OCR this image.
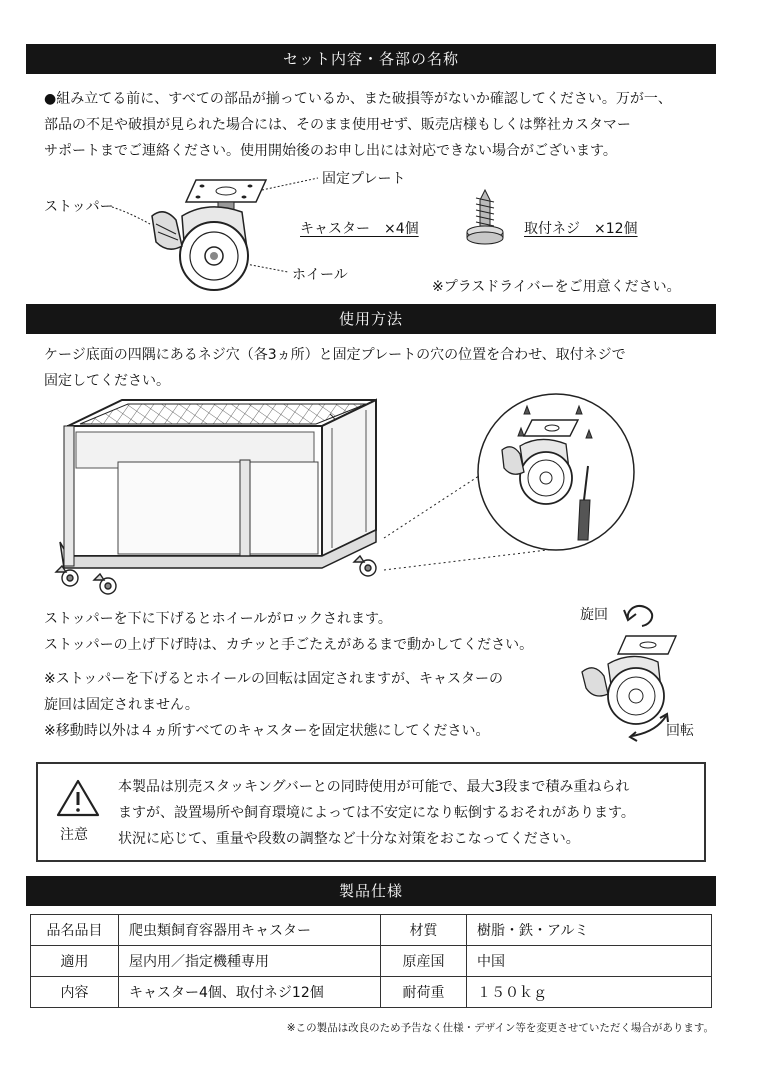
セット内容・各部の名称
●組み立てる前に、すべての部品が揃っているか、また破損等がないか確認してください。万が一、
部品の不足や破損が見られた場合には、そのまま使用せず、販売店様もしくは弊社カスタマー
サポートまでご連絡ください。使用開始後のお申し出には対応できない場合がございます。
ストッパー
固定プレート
ホイール
キャスター　×4個	取付ネジ　×12個
※プラスドライバーをご用意ください。
使用方法
ケージ底面の四隅にあるネジ穴（各3ヵ所）と固定プレートの穴の位置を合わせ、取付ネジで
固定してください。
ストッパーを下に下げるとホイールがロックされます。
ストッパーの上げ下げ時は、カチッと手ごたえがあるまで動かしてください。
※ストッパーを下げるとホイールの回転は固定されますが、キャスターの
旋回は固定されません。
※移動時以外は４ヵ所すべてのキャスターを固定状態にしてください。
旋回
回転
注意
本製品は別売スタッキングバーとの同時使用が可能で、最大3段まで積み重ねられ
ますが、設置場所や飼育環境によっては不安定になり転倒するおそれがあります。
状況に応じて、重量や段数の調整など十分な対策をおこなってください。
製品仕様
品名品目	爬虫類飼育容器用キャスター	材質	樹脂・鉄・アルミ
適用	屋内用／指定機種専用	原産国	中国
内容	キャスター4個、取付ネジ12個	耐荷重	１５０ｋｇ
※この製品は改良のため予告なく仕様・デザイン等を変更させていただく場合があります。
